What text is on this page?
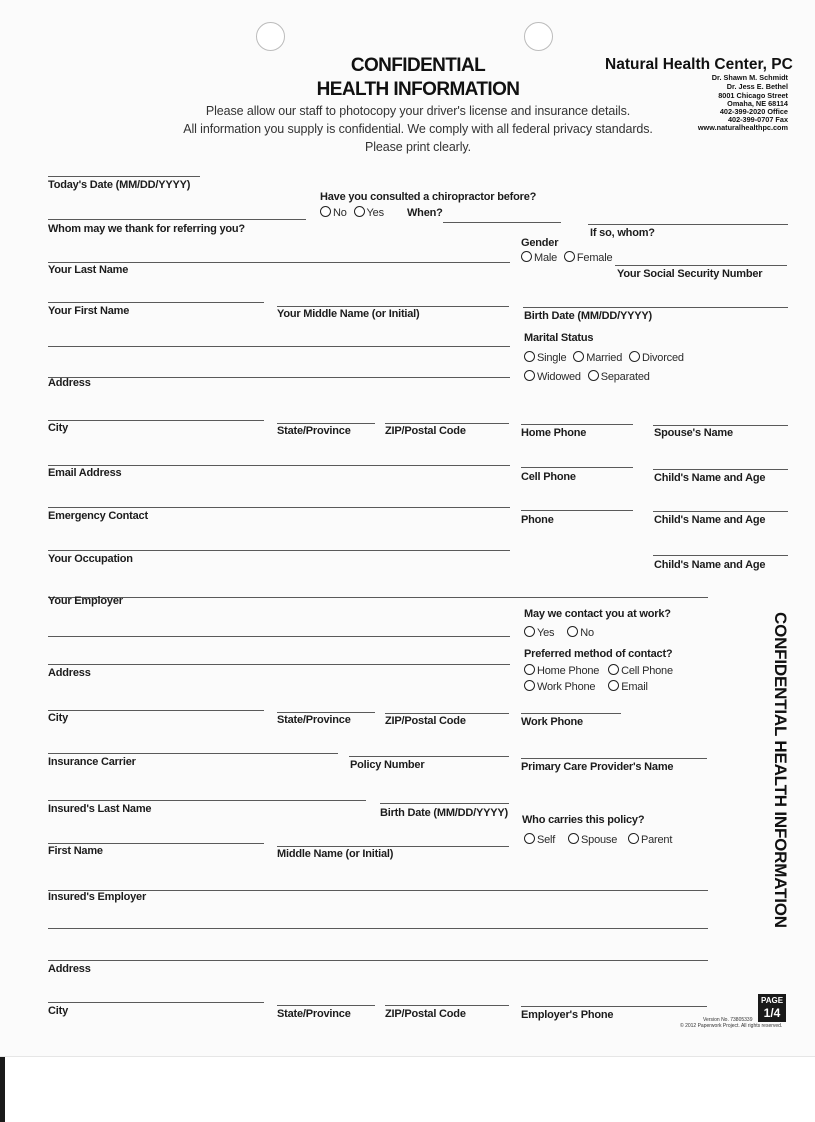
CONFIDENTIAL
HEALTH INFORMATION
Please allow our staff to photocopy your driver's license and insurance details.
All information you supply is confidential. We comply with all federal privacy standards.
Please print clearly.
Natural Health Center, PC
Dr. Shawn M. Schmidt
Dr. Jess E. Bethel
8001 Chicago Street
Omaha, NE 68114
402-399-2020 Office
402-399-0707 Fax
www.naturalhealthpc.com
Today's Date (MM/DD/YYYY)
Have you consulted a chiropractor before?
No Yes	When?
If so, whom?
Whom may we thank for referring you?
Gender
Male Female
Your Last Name	Your Social Security Number
Your First Name	Your Middle Name (or Initial)	Birth Date (MM/DD/YYYY)
Marital Status
Single Married Divorced
Widowed Separated
Address
City	State/Province	ZIP/Postal Code	Home Phone	Spouse's Name
Email Address	Cell Phone	Child's Name and Age
Emergency Contact	Phone	Child's Name and Age
Your Occupation	Child's Name and Age
Your Employer
May we contact you at work?
Yes No
Address
Preferred method of contact?
Home Phone Cell Phone
Work Phone Email
City	State/Province	ZIP/Postal Code	Work Phone
Insurance Carrier	Policy Number	Primary Care Provider's Name
Insured's Last Name	Birth Date (MM/DD/YYYY)
Who carries this policy?
Self Spouse Parent
First Name	Middle Name (or Initial)
Insured's Employer
Address
City	State/Province	ZIP/Postal Code	Employer's Phone
CONFIDENTIAL HEALTH INFORMATION
PAGE
1/4
Version No. 73805339
© 2012 Paperwork Project. All rights reserved.
